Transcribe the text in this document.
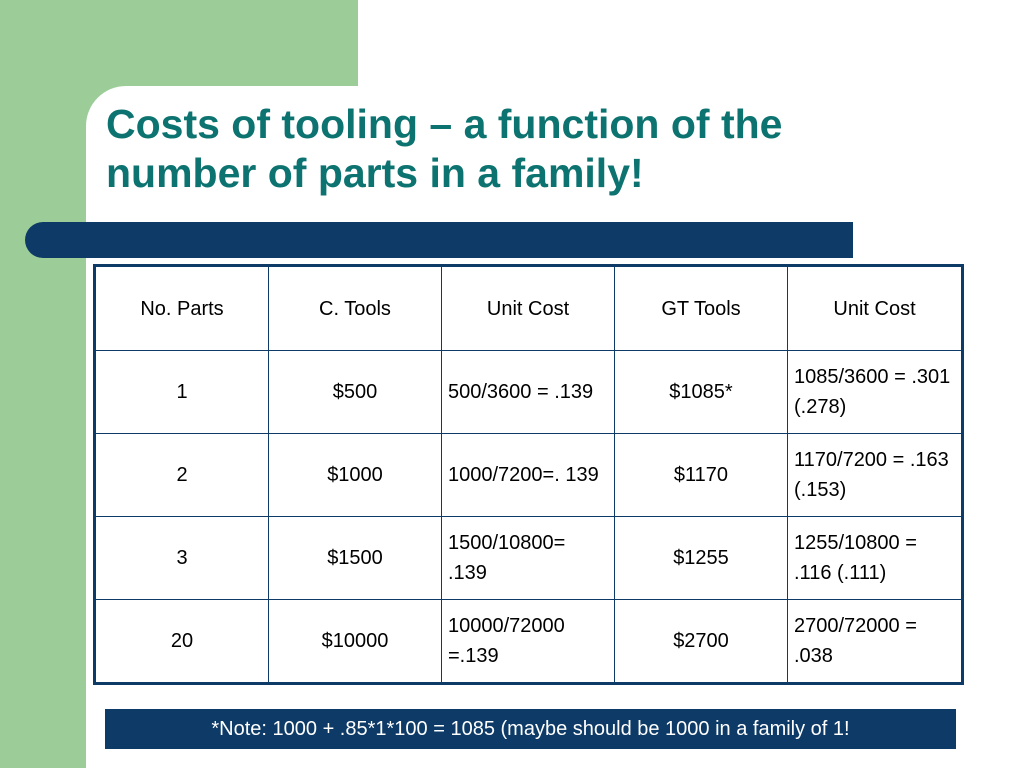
Costs of tooling – a function of the
number of parts in a family!
No. Parts	C. Tools	Unit Cost	GT Tools	Unit Cost
1	$500	500/3600 = .139	$1085*	1085/3600 = .301 (.278)
2	$1000	1000/7200=. 139	$1170	1170/7200 = .163 (.153)
3	$1500	1500/10800= .139	$1255	1255/10800 = .116 (.111)
20	$10000	10000/72000 =.139	$2700	2700/72000 = .038
*Note: 1000 + .85*1*100 = 1085 (maybe should be 1000 in a family of 1!
